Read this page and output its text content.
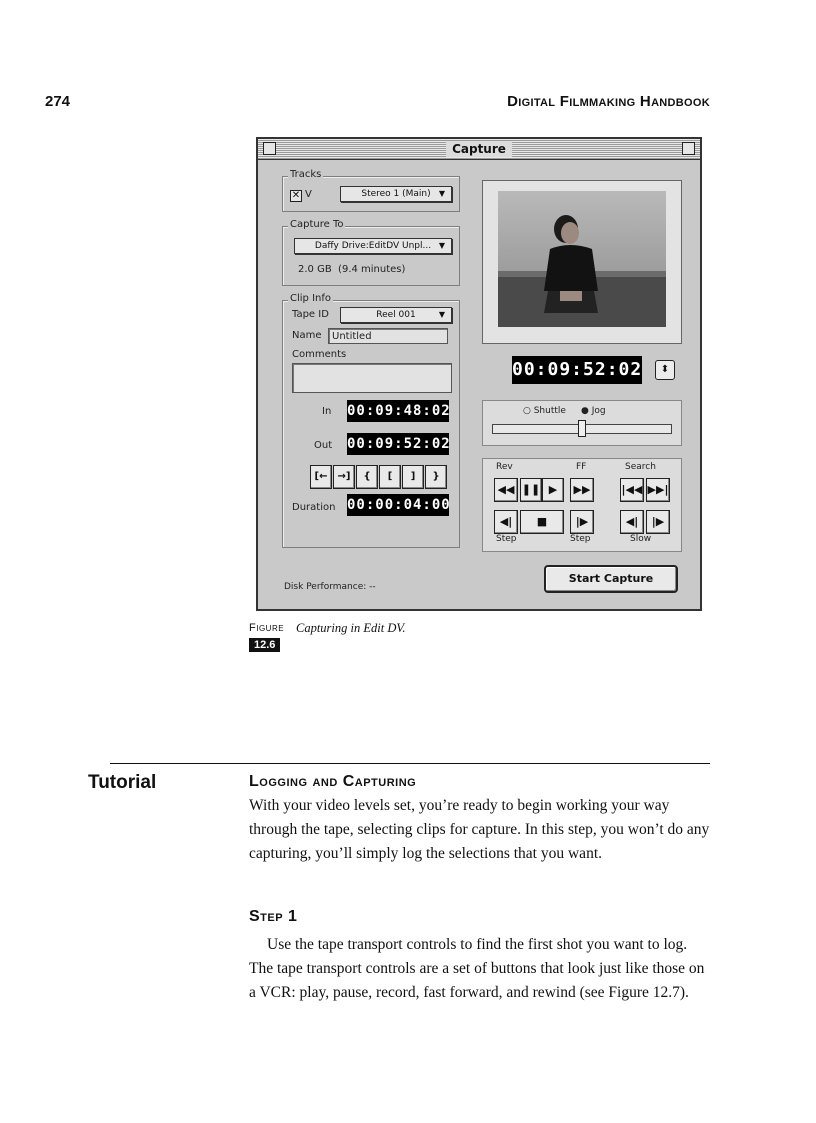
274	Digital Filmmaking Handbook
Capture
Tracks
✕ V	Stereo 1 (Main) ▼
Capture To
Daffy Drive:EditDV Unpl... ▼
2.0 GB  (9.4 minutes)
Clip Info
Tape ID	Reel 001	▼
Name	Untitled
Comments
In 00:09:48:02
Out 00:09:52:02
[←	→]	{	[	]	}
Duration 00:00:04:00
00:09:52:02	⬍
○ Shuttle ● Jog
Rev	FF	Search
◀◀ ❚❚ ▶	▶▶	|◀◀ ▶▶|
◀|	■	|▶	◀|	|▶
Step	Step	Slow
Disk Performance: --
Start Capture
Figure
12.6
Capturing in Edit DV.
Tutorial	Logging and Capturing
With your video levels set, you’re ready to begin working your way through the tape, selecting clips for capture. In this step, you won’t do any capturing, you’ll simply log the selections that you want.
Step 1
Use the tape transport controls to find the first shot you want to log. The tape transport controls are a set of buttons that look just like those on a VCR: play, pause, record, fast forward, and rewind (see Figure 12.7).
